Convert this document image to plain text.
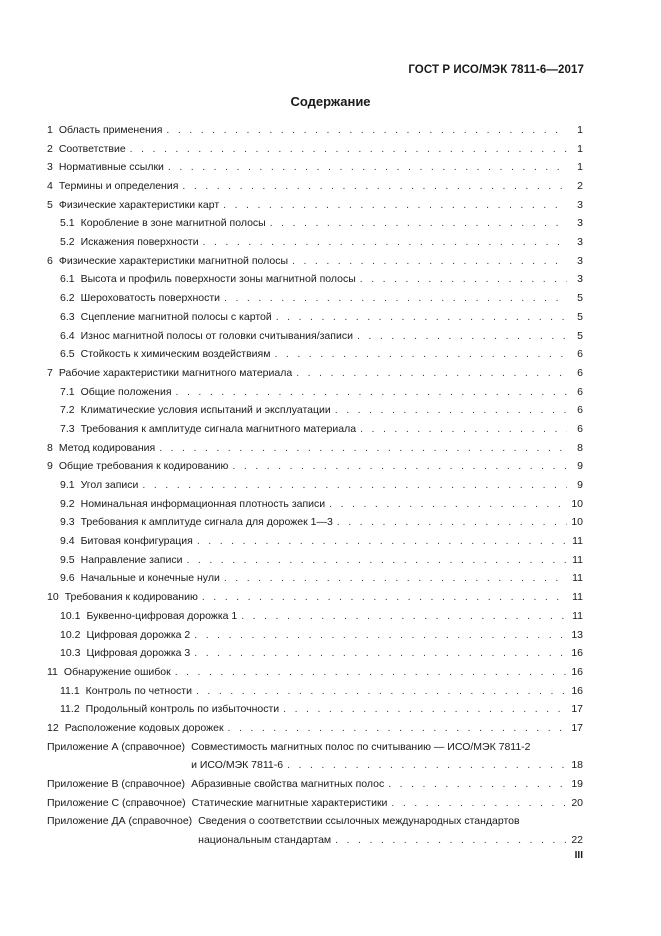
ГОСТ Р ИСО/МЭК 7811-6—2017
Содержание
1 Область применения . . .	1
2 Соответствие . . .	1
3 Нормативные ссылки . . .	1
4 Термины и определения . . .	2
5 Физические характеристики карт . . .	3
5.1 Коробление в зоне магнитной полосы . . .	3
5.2 Искажения поверхности . . .	3
6 Физические характеристики магнитной полосы . . .	3
6.1 Высота и профиль поверхности зоны магнитной полосы . . .	3
6.2 Шероховатость поверхности . . .	5
6.3 Сцепление магнитной полосы с картой . . .	5
6.4 Износ магнитной полосы от головки считывания/записи . . .	5
6.5 Стойкость к химическим воздействиям . . .	6
7 Рабочие характеристики магнитного материала . . .	6
7.1 Общие положения . . .	6
7.2 Климатические условия испытаний и эксплуатации . . .	6
7.3 Требования к амплитуде сигнала магнитного материала . . .	6
8 Метод кодирования . . .	8
9 Общие требования к кодированию . . .	9
9.1 Угол записи . . .	9
9.2 Номинальная информационная плотность записи . . .	10
9.3 Требования к амплитуде сигнала для дорожек 1—3 . . .	10
9.4 Битовая конфигурация . . .	11
9.5 Направление записи . . .	11
9.6 Начальные и конечные нули . . .	11
10 Требования к кодированию . . .	11
10.1 Буквенно-цифровая дорожка 1 . . .	11
10.2 Цифровая дорожка 2 . . .	13
10.3 Цифровая дорожка 3 . . .	16
11 Обнаружение ошибок . . .	16
11.1 Контроль по четности . . .	16
11.2 Продольный контроль по избыточности . . .	17
12 Расположение кодовых дорожек . . .	17
Приложение А (справочное) Совместимость магнитных полос по считыванию — ИСО/МЭК 7811-2
и ИСО/МЭК 7811-6 . . .	18
Приложение В (справочное) Абразивные свойства магнитных полос . . .	19
Приложение С (справочное) Статические магнитные характеристики . . .	20
Приложение ДА (справочное) Сведения о соответствии ссылочных международных стандартов
национальным стандартам . . .	22
III
